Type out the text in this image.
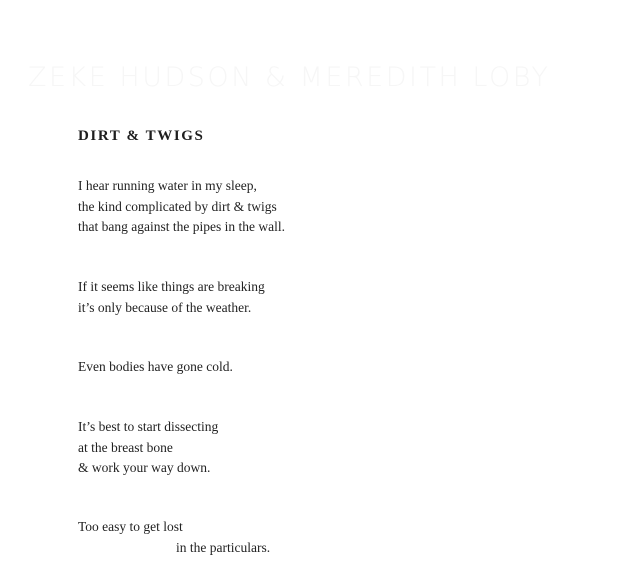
ZEKE HUDSON & MEREDITH LOBY
DIRT & TWIGS
I hear running water in my sleep,
the kind complicated by dirt & twigs
that bang against the pipes in the wall.
If it seems like things are breaking
it’s only because of the weather.
Even bodies have gone cold.
It’s best to start dissecting
at the breast bone
& work your way down.
Too easy to get lost
in the particulars.
